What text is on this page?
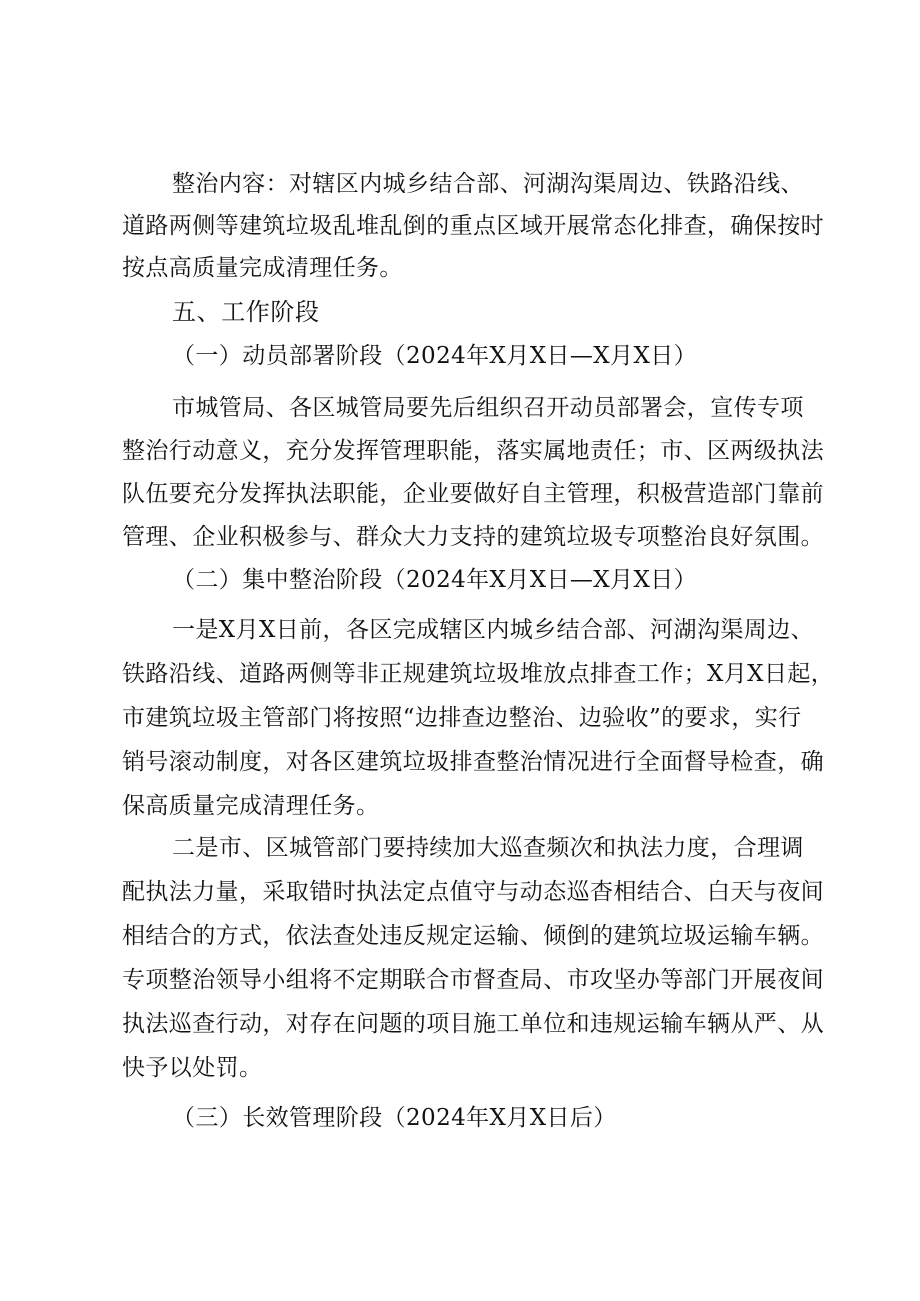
整治内容：对辖区内城乡结合部、河湖沟渠周边、铁路沿线、
道路两侧等建筑垃圾乱堆乱倒的重点区域开展常态化排查，确保按时
按点高质量完成清理任务。
五、工作阶段
（一）动员部署阶段（2024年X月X日—X月X日）
市城管局、各区城管局要先后组织召开动员部署会，宣传专项
整治行动意义，充分发挥管理职能，落实属地责任；市、区两级执法
队伍要充分发挥执法职能，企业要做好自主管理，积极营造部门靠前
管理、企业积极参与、群众大力支持的建筑垃圾专项整治良好氛围。
（二）集中整治阶段（2024年X月X日—X月X日）
一是X月X日前，各区完成辖区内城乡结合部、河湖沟渠周边、
铁路沿线、道路两侧等非正规建筑垃圾堆放点排查工作；X月X日起，
市建筑垃圾主管部门将按照“边排查边整治、边验收”的要求，实行
销号滚动制度，对各区建筑垃圾排查整治情况进行全面督导检查，确
保高质量完成清理任务。
二是市、区城管部门要持续加大巡查频次和执法力度，合理调
配执法力量，采取错时执法定点值守与动态巡杳相结合、白天与夜间
相结合的方式，依法查处违反规定运输、倾倒的建筑垃圾运输车辆。
专项整治领导小组将不定期联合市督查局、市攻坚办等部门开展夜间
执法巡查行动，对存在问题的项目施工单位和违规运输车辆从严、从
快予以处罚。
（三）长效管理阶段（2024年X月X日后）
